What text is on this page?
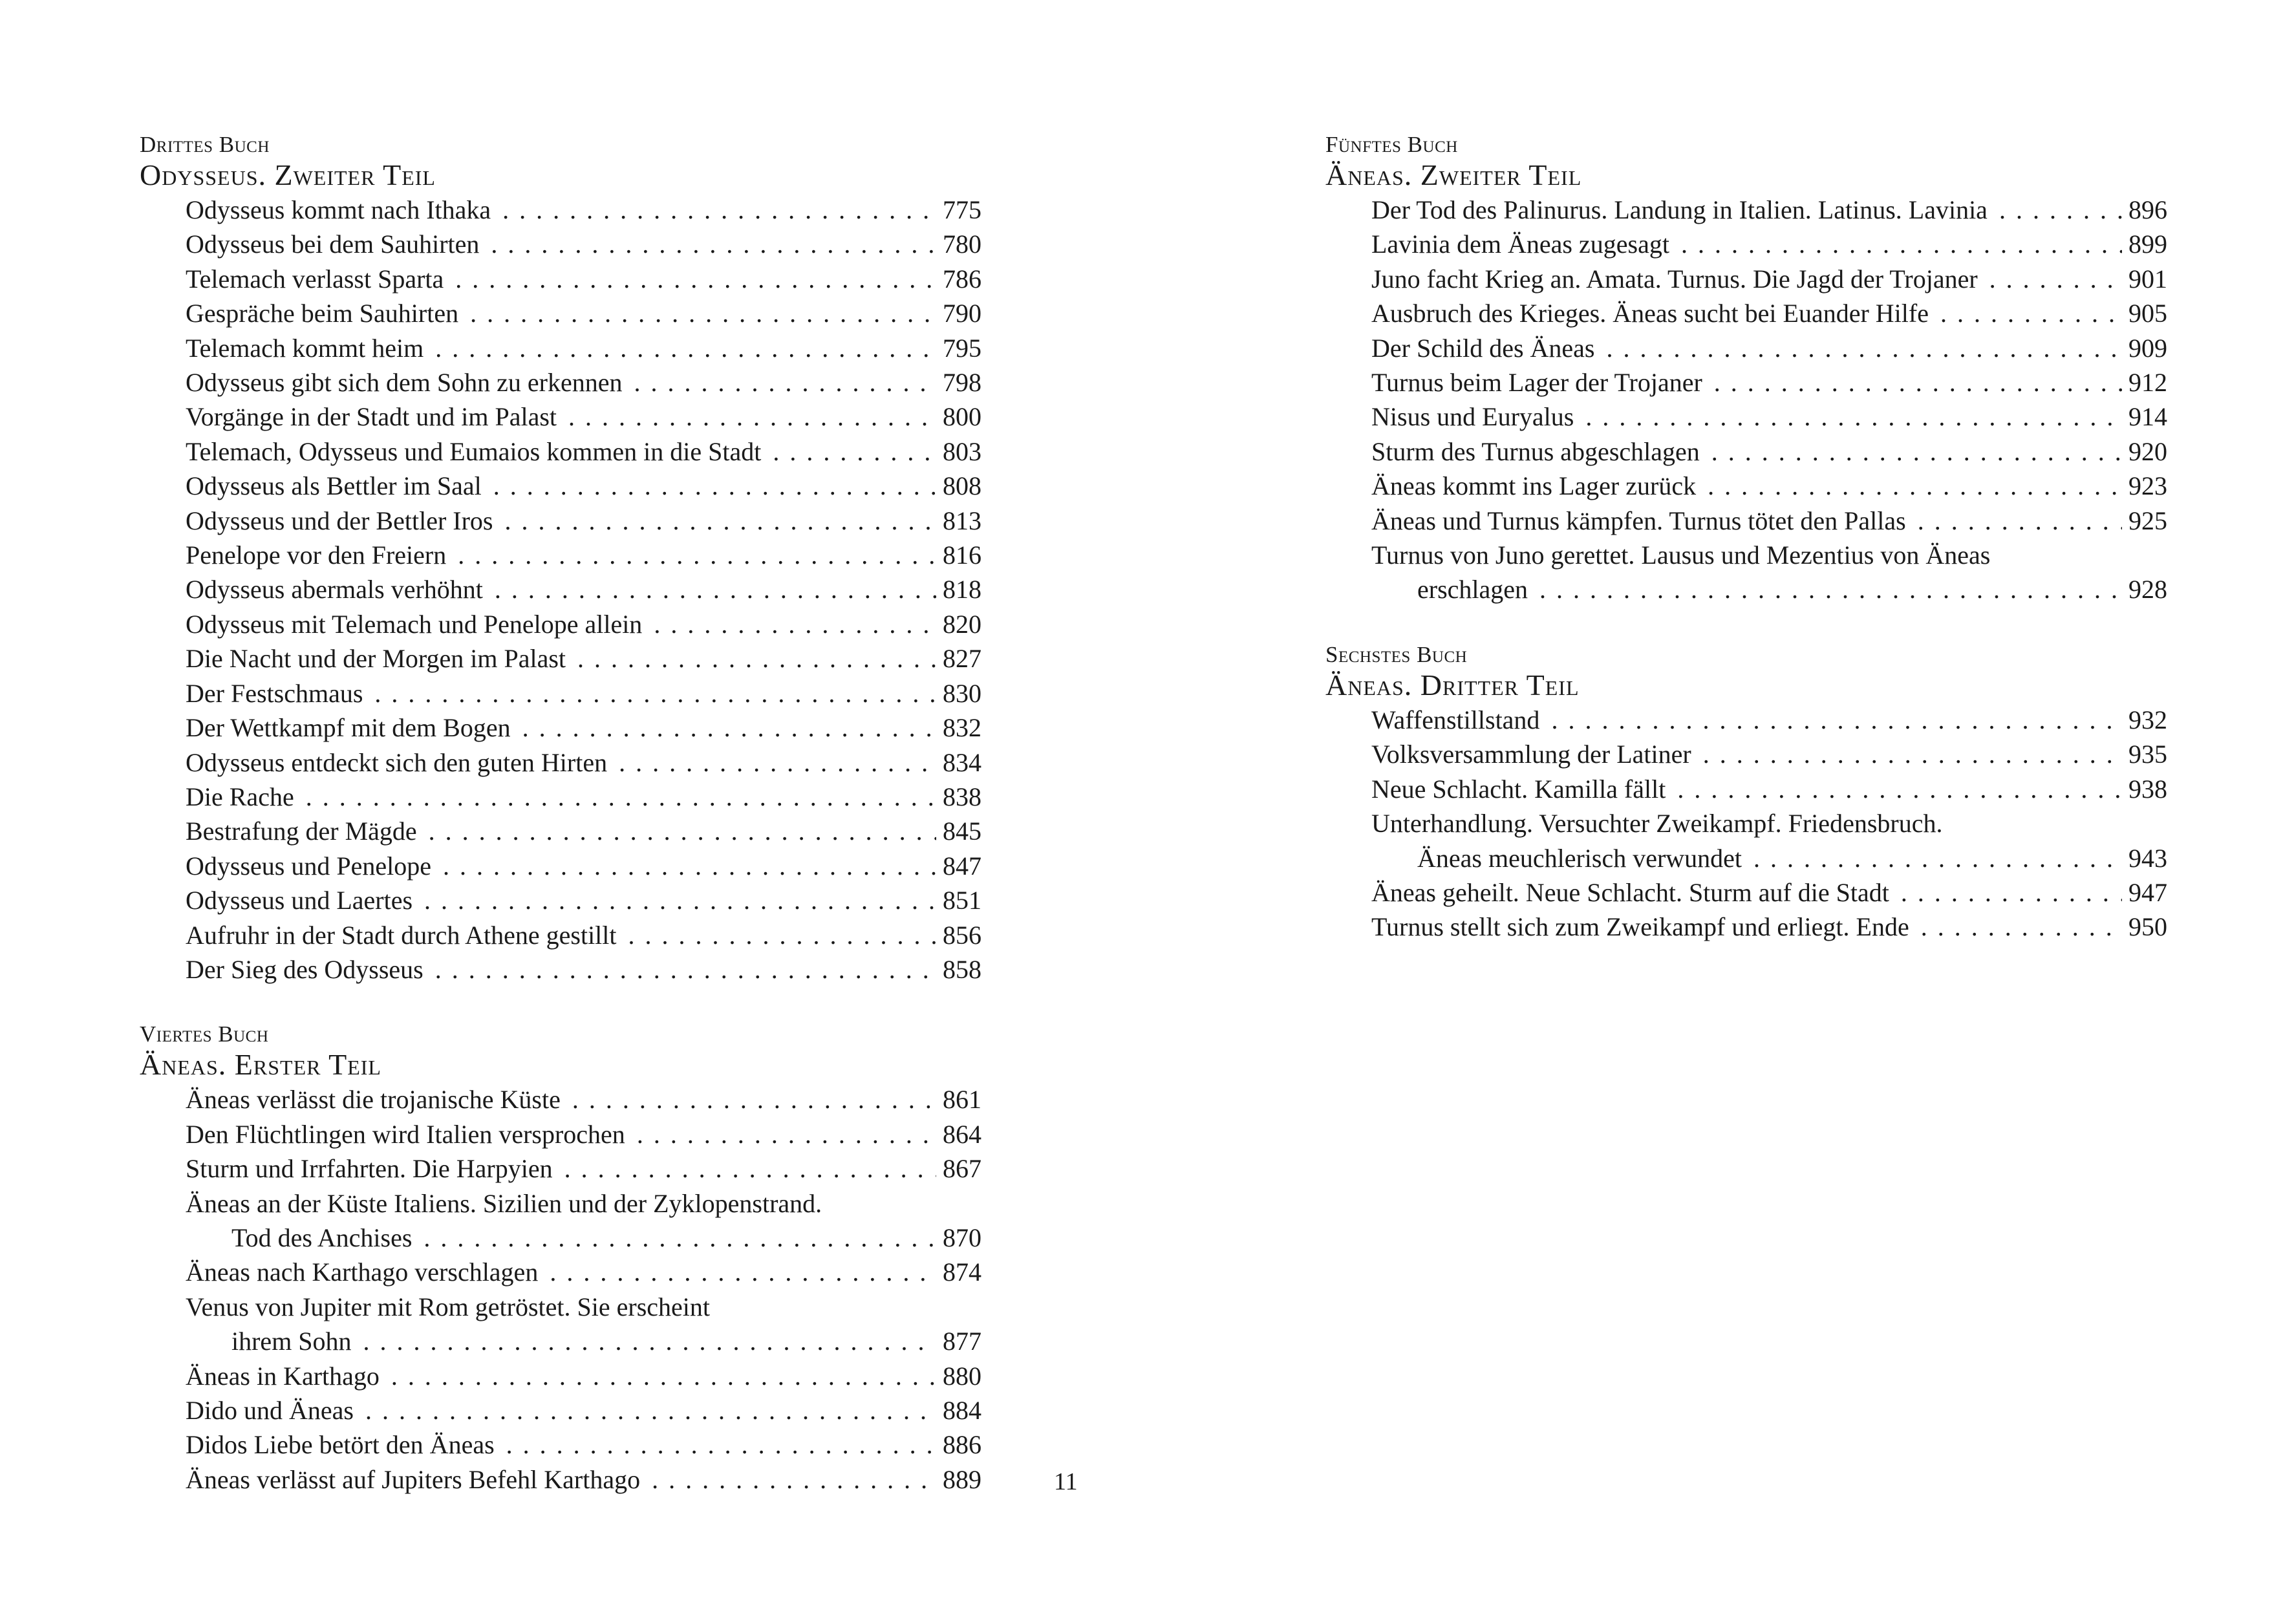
Drittes Buch
Odysseus. Zweiter Teil
Odysseus kommt nach Ithaka . . .	775
Odysseus bei dem Sauhirten . . .	780
Telemach verlasst Sparta . . .	786
Gespräche beim Sauhirten . . .	790
Telemach kommt heim . . .	795
Odysseus gibt sich dem Sohn zu erkennen . . .	798
Vorgänge in der Stadt und im Palast . . .	800
Telemach, Odysseus und Eumaios kommen in die Stadt . . .	803
Odysseus als Bettler im Saal . . .	808
Odysseus und der Bettler Iros . . .	813
Penelope vor den Freiern . . .	816
Odysseus abermals verhöhnt . . .	818
Odysseus mit Telemach und Penelope allein . . .	820
Die Nacht und der Morgen im Palast . . .	827
Der Festschmaus . . .	830
Der Wettkampf mit dem Bogen . . .	832
Odysseus entdeckt sich den guten Hirten . . .	834
Die Rache . . .	838
Bestrafung der Mägde . . .	845
Odysseus und Penelope . . .	847
Odysseus und Laertes . . .	851
Aufruhr in der Stadt durch Athene gestillt . . .	856
Der Sieg des Odysseus . . .	858
Viertes Buch
Äneas. Erster Teil
Äneas verlässt die trojanische Küste . . .	861
Den Flüchtlingen wird Italien versprochen . . .	864
Sturm und Irrfahrten. Die Harpyien . . .	867
Äneas an der Küste Italiens. Sizilien und der Zyklopenstrand.
Tod des Anchises . . .	870
Äneas nach Karthago verschlagen . . .	874
Venus von Jupiter mit Rom getröstet. Sie erscheint
ihrem Sohn . . .	877
Äneas in Karthago . . .	880
Dido und Äneas . . .	884
Didos Liebe betört den Äneas . . .	886
Äneas verlässt auf Jupiters Befehl Karthago . . .	889	11
Fünftes Buch
Äneas. Zweiter Teil
Der Tod des Palinurus. Landung in Italien. Latinus. Lavinia . . .	896
Lavinia dem Äneas zugesagt . . .	899
Juno facht Krieg an. Amata. Turnus. Die Jagd der Trojaner . . .	901
Ausbruch des Krieges. Äneas sucht bei Euander Hilfe . . .	905
Der Schild des Äneas . . .	909
Turnus beim Lager der Trojaner . . .	912
Nisus und Euryalus . . .	914
Sturm des Turnus abgeschlagen . . .	920
Äneas kommt ins Lager zurück . . .	923
Äneas und Turnus kämpfen. Turnus tötet den Pallas . . .	925
Turnus von Juno gerettet. Lausus und Mezentius von Äneas
erschlagen . . .	928
Sechstes Buch
Äneas. Dritter Teil
Waffenstillstand . . .	932
Volksversammlung der Latiner . . .	935
Neue Schlacht. Kamilla fällt . . .	938
Unterhandlung. Versuchter Zweikampf. Friedensbruch.
Äneas meuchlerisch verwundet . . .	943
Äneas geheilt. Neue Schlacht. Sturm auf die Stadt . . .	947
Turnus stellt sich zum Zweikampf und erliegt. Ende . . .	950
